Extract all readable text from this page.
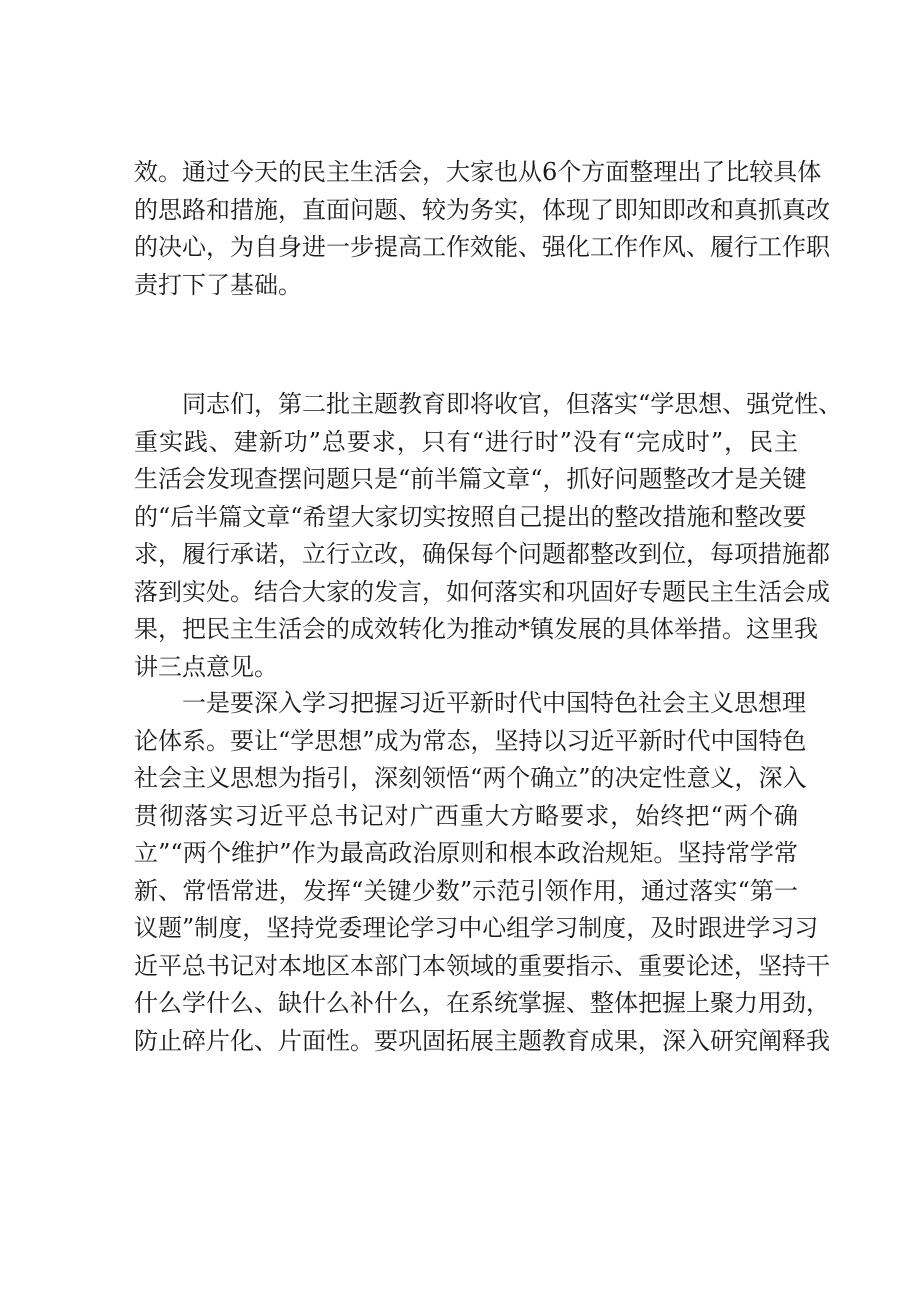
效。通过今天的民主生活会，大家也从6个方面整理出了比较具体
的思路和措施，直面问题、较为务实，体现了即知即改和真抓真改
的决心，为自身进一步提高工作效能、强化工作作风、履行工作职
责打下了基础。
　　同志们，第二批主题教育即将收官，但落实“学思想、强党性、
重实践、建新功”总要求，只有“进行时”没有“完成时”，民主
生活会发现查摆问题只是“前半篇文章“，抓好问题整改才是关键
的“后半篇文章“希望大家切实按照自己提出的整改措施和整改要
求，履行承诺，立行立改，确保每个问题都整改到位，每项措施都
落到实处。结合大家的发言，如何落实和巩固好专题民主生活会成
果，把民主生活会的成效转化为推动*镇发展的具体举措。这里我
讲三点意见。
　　一是要深入学习把握习近平新时代中国特色社会主义思想理
论体系。要让“学思想”成为常态，坚持以习近平新时代中国特色
社会主义思想为指引，深刻领悟“两个确立”的决定性意义，深入
贯彻落实习近平总书记对广西重大方略要求，始终把“两个确
立”“两个维护”作为最高政治原则和根本政治规矩。坚持常学常
新、常悟常进，发挥“关键少数”示范引领作用，通过落实“第一
议题”制度，坚持党委理论学习中心组学习制度，及时跟进学习习
近平总书记对本地区本部门本领域的重要指示、重要论述，坚持干
什么学什么、缺什么补什么，在系统掌握、整体把握上聚力用劲，
防止碎片化、片面性。要巩固拓展主题教育成果，深入研究阐释我
